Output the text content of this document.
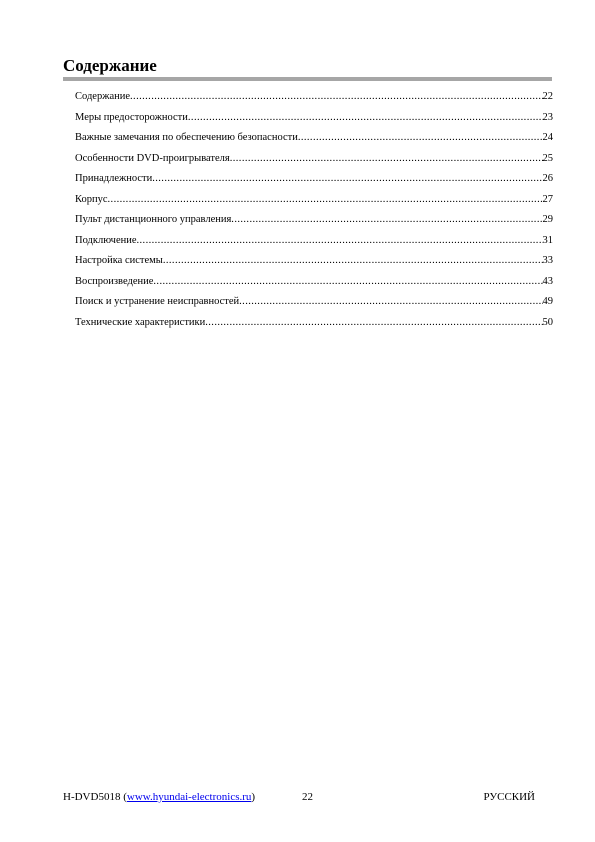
Содержание
Содержание .....	22
Меры предосторожности .....	23
Важные замечания по обеспечению безопасности .....	24
Особенности DVD-проигрывателя .....	25
Принадлежности .....	26
Корпус .....	27
Пульт дистанционного управления .....	29
Подключение .....	31
Настройка системы .....	33
Воспроизведение .....	43
Поиск и устранение неисправностей .....	49
Технические характеристики .....	50
H-DVD5018 (www.hyundai-electronics.ru)	22	РУССКИЙ
